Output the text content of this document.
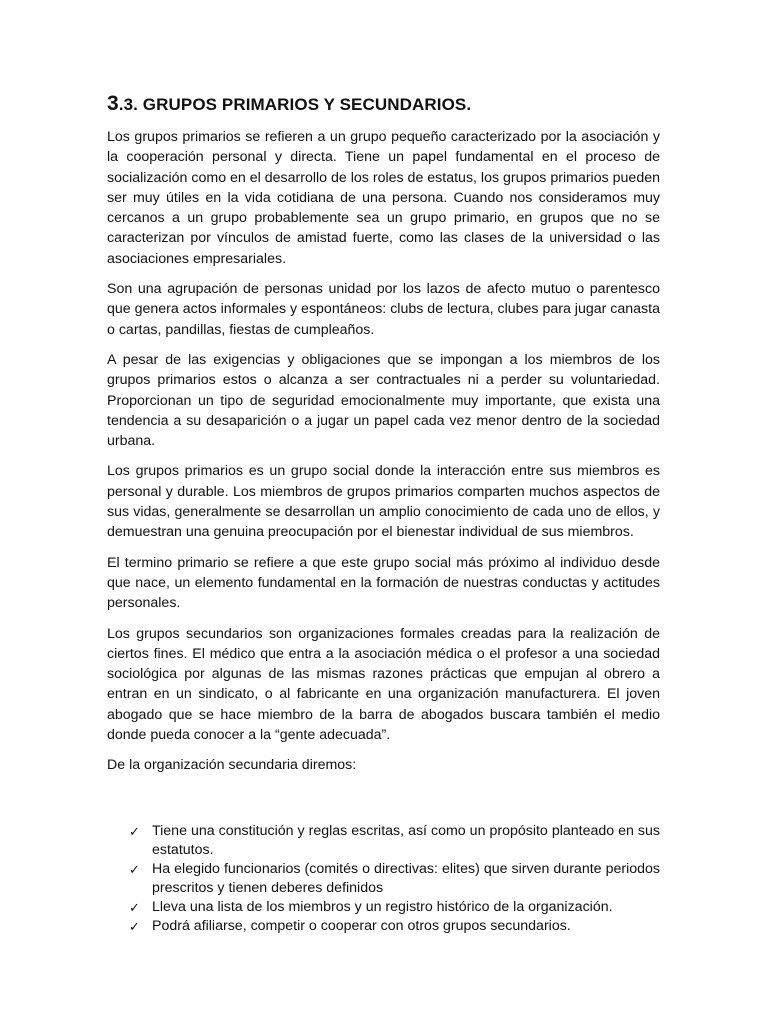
3.3. GRUPOS PRIMARIOS Y SECUNDARIOS.

Los grupos primarios se refieren a un grupo pequeño caracterizado por la asociación y la cooperación personal y directa. Tiene un papel fundamental en el proceso de socialización como en el desarrollo de los roles de estatus, los grupos primarios pueden ser muy útiles en la vida cotidiana de una persona. Cuando nos consideramos muy cercanos a un grupo probablemente sea un grupo primario, en grupos que no se caracterizan por vínculos de amistad fuerte, como las clases de la universidad o las asociaciones empresariales.

Son una agrupación de personas unidad por los lazos de afecto mutuo o parentesco que genera actos informales y espontáneos: clubs de lectura, clubes para jugar canasta o cartas, pandillas, fiestas de cumpleaños.

A pesar de las exigencias y obligaciones que se impongan a los miembros de los grupos primarios estos o alcanza a ser contractuales ni a perder su voluntariedad. Proporcionan un tipo de seguridad emocionalmente muy importante, que exista una tendencia a su desaparición o a jugar un papel cada vez menor dentro de la sociedad urbana.

Los grupos primarios es un grupo social donde la interacción entre sus miembros es personal y durable. Los miembros de grupos primarios comparten muchos aspectos de sus vidas, generalmente se desarrollan un amplio conocimiento de cada uno de ellos, y demuestran una genuina preocupación por el bienestar individual de sus miembros.

El termino primario se refiere a que este grupo social más próximo al individuo desde que nace, un elemento fundamental en la formación de nuestras conductas y actitudes personales.

Los grupos secundarios son organizaciones formales creadas para la realización de ciertos fines. El médico que entra a la asociación médica o el profesor a una sociedad sociológica por algunas de las mismas razones prácticas que empujan al obrero a entran en un sindicato, o al fabricante en una organización manufacturera. El joven abogado que se hace miembro de la barra de abogados buscara también el medio donde pueda conocer a la “gente adecuada”.

De la organización secundaria diremos:

✓ Tiene una constitución y reglas escritas, así como un propósito planteado en sus estatutos.
✓ Ha elegido funcionarios (comités o directivas: elites) que sirven durante periodos prescritos y tienen deberes definidos
✓ Lleva una lista de los miembros y un registro histórico de la organización.
✓ Podrá afiliarse, competir o cooperar con otros grupos secundarios.
